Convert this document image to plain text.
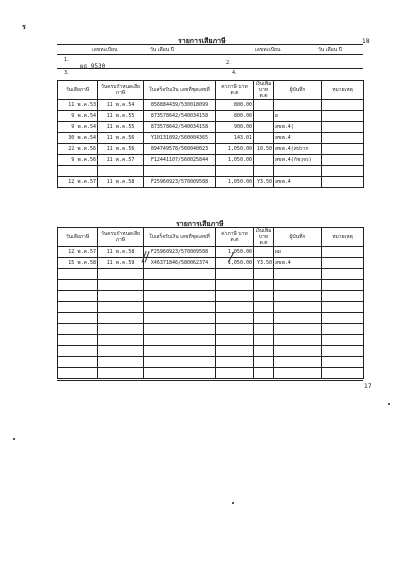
ร
18
รายการเสียภาษี
เลขทะเบียน	วัน เดือน ปี	เลขทะเบียน	วัน เดือน ปี
1.
ผธ 9530	2.
3.	4.
วันเสียภาษี	วันครบกำหนดเสียภาษี	ใบเสร็จรับเงิน เลขที่ชุดเลขที่	ค่าภาษี บาท ต.ต	เงินเพิ่ม บาท ต.ต	ผู้บันทึก	หมายเหตุ
11 พ.ค.53	11 พ.ค.54	856884439/530018099	800.00			
9 พ.ค.54	11 พ.ค.55	873578642/540034158	800.00		ผ	
9 พ.ค.54	11 พ.ค.55	873578642/540034158	900.00		สขพ.4(	
30 พ.ค.54	11 พ.ค.56	Y10131092/560004365	143.01		สขพ.4	
22 พ.ค.56	11 พ.ค.56	894749578/560040023	1,050.00	10.50	สขพ.4(สปราก	
9 พ.ค.56	11 พ.ค.57	F12441107/560025844	1,050.00		สขพ.4(กัชวุจร)	

12 พ.ค.57	11 พ.ค.58	F25960923/570009508	1,050.00	Y3.50	สขพ.4	
รายการเสียภาษี
วันเสียภาษี	วันครบกำหนดเสียภาษี	ใบเสร็จรับเงิน เลขที่ชุดเลขที่	ค่าภาษี บาท ต.ต	เงินเพิ่ม บาท ต.ต	ผู้บันทึก	หมายเหตุ
12 พ.ค.57	11 พ.ค.58	F25960923/570009508	1,050.00		ผผ	
15 พ.ค.58	11 พ.ค.59	X46371846/580062374	1,050.00	Y3.50	สขพ.4	

17
